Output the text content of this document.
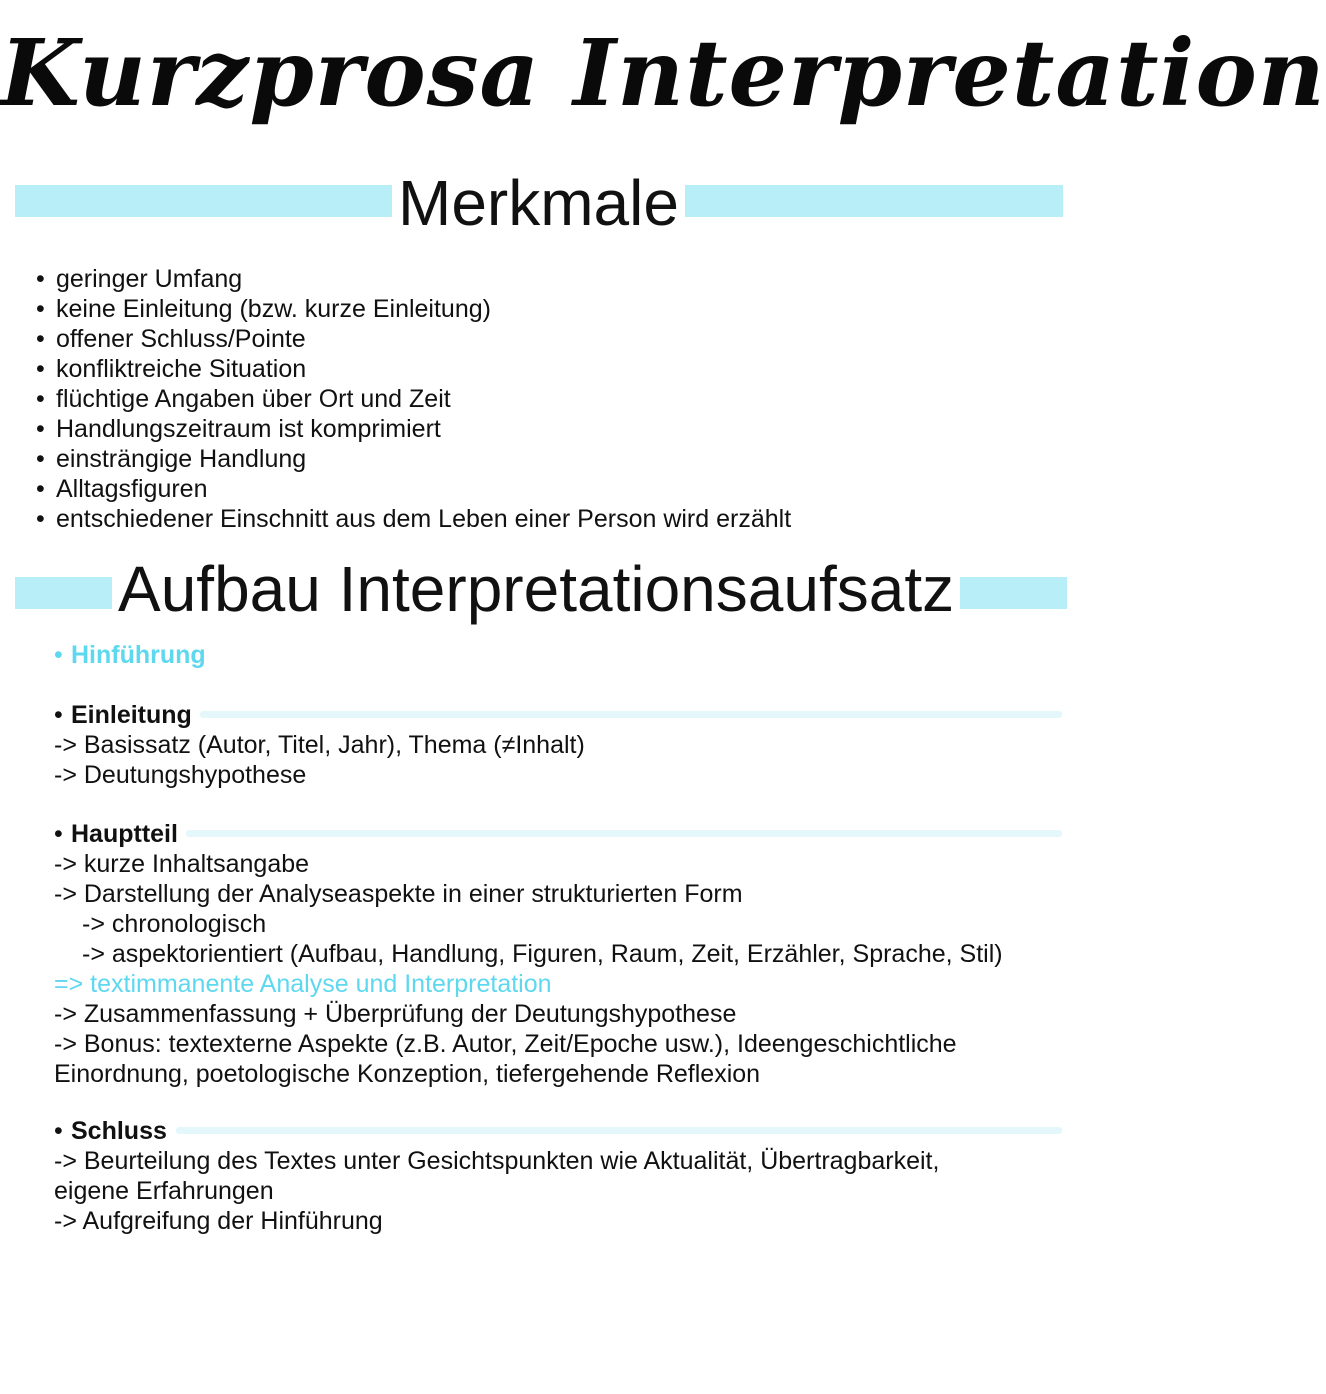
Kurzprosa Interpretation
Merkmale
• geringer Umfang
• keine Einleitung (bzw. kurze Einleitung)
• offener Schluss/Pointe
• konfliktreiche Situation
• flüchtige Angaben über Ort und Zeit
• Handlungszeitraum ist komprimiert
• einsträngige Handlung
• Alltagsfiguren
• entschiedener Einschnitt aus dem Leben einer Person wird erzählt
Aufbau Interpretationsaufsatz
• Hinführung
• Einleitung
-> Basissatz (Autor, Titel, Jahr), Thema (≠Inhalt)
-> Deutungshypothese
• Hauptteil
-> kurze Inhaltsangabe
-> Darstellung der Analyseaspekte in einer strukturierten Form
-> chronologisch
-> aspektorientiert (Aufbau, Handlung, Figuren, Raum, Zeit, Erzähler, Sprache, Stil)
=> textimmanente Analyse und Interpretation
-> Zusammenfassung + Überprüfung der Deutungshypothese
-> Bonus: textexterne Aspekte (z.B. Autor, Zeit/Epoche usw.), Ideengeschichtliche
Einordnung, poetologische Konzeption, tiefergehende Reflexion
• Schluss
-> Beurteilung des Textes unter Gesichtspunkten wie Aktualität, Übertragbarkeit,
eigene Erfahrungen
-> Aufgreifung der Hinführung
